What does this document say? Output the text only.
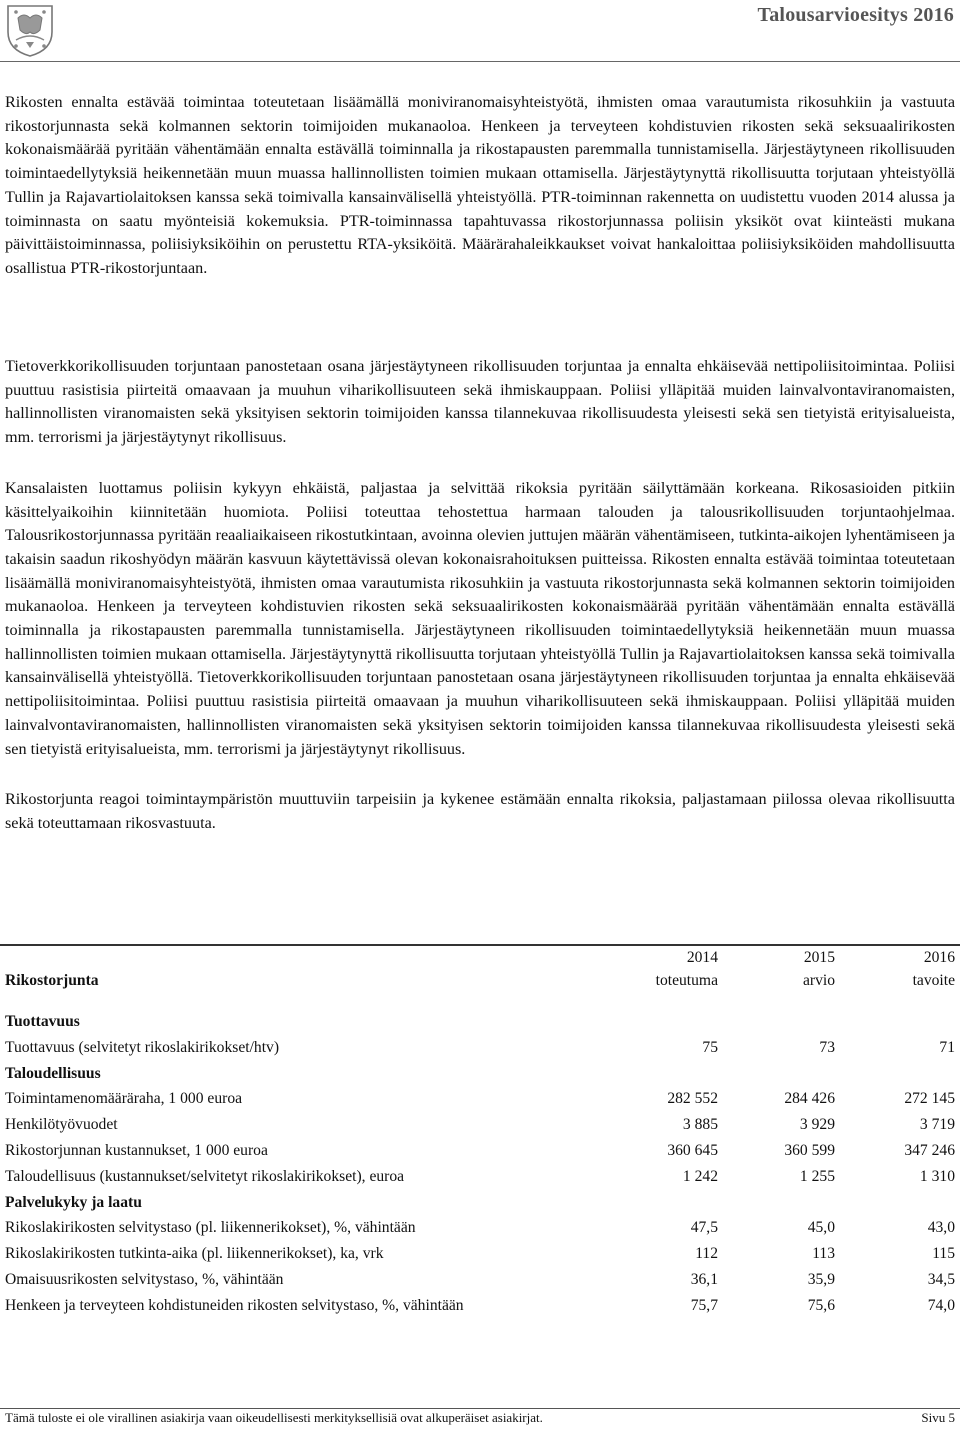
Talousarvioesitys 2016

Rikosten ennalta estävää toimintaa toteutetaan lisäämällä moniviranomaisyhteistyötä, ihmisten omaa varautumista rikosuhkiin ja vastuuta rikostorjunnasta sekä kolmannen sektorin toimijoiden mukanaoloa. Henkeen ja terveyteen kohdistuvien rikosten sekä seksuaalirikosten kokonaismäärää pyritään vähentämään ennalta estävällä toiminnalla ja rikostapausten paremmalla tunnistamisella. Järjestäytyneen rikollisuuden toimintaedellytyksiä heikennetään muun muassa hallinnollisten toimien mukaan ottamisella. Järjestäytynyttä rikollisuutta torjutaan yhteistyöllä Tullin ja Rajavartiolaitoksen kanssa sekä toimivalla kansainvälisellä yhteistyöllä. PTR-toiminnan rakennetta on uudistettu vuoden 2014 alussa ja toiminnasta on saatu myönteisiä kokemuksia. PTR-toiminnassa tapahtuvassa rikostorjunnassa poliisin yksiköt ovat kiinteästi mukana päivittäistoiminnassa, poliisiyksiköihin on perustettu RTA-yksiköitä. Määrärahaleikkaukset voivat hankaloittaa poliisiyksiköiden mahdollisuutta osallistua PTR-rikostorjuntaan.

Tietoverkkorikollisuuden torjuntaan panostetaan osana järjestäytyneen rikollisuuden torjuntaa ja ennalta ehkäisevää nettipoliisitoimintaa. Poliisi puuttuu rasistisia piirteitä omaavaan ja muuhun viharikollisuuteen sekä ihmiskauppaan. Poliisi ylläpitää muiden lainvalvontaviranomaisten, hallinnollisten viranomaisten sekä yksityisen sektorin toimijoiden kanssa tilannekuvaa rikollisuudesta yleisesti sekä sen tietyistä erityisalueista, mm. terrorismi ja järjestäytynyt rikollisuus.

Kansalaisten luottamus poliisin kykyyn ehkäistä, paljastaa ja selvittää rikoksia pyritään säilyttämään korkeana. Rikosasioiden pitkiin käsittelyaikoihin kiinnitetään huomiota. Poliisi toteuttaa tehostettua harmaan talouden ja talousrikollisuuden torjuntaohjelmaa. Talousrikostorjunnassa pyritään reaaliaikaiseen rikostutkintaan, avoinna olevien juttujen määrän vähentämiseen, tutkinta-aikojen lyhentämiseen ja takaisin saadun rikoshyödyn määrän kasvuun käytettävissä olevan kokonaisrahoituksen puitteissa. Rikosten ennalta estävää toimintaa toteutetaan lisäämällä moniviranomaisyhteistyötä, ihmisten omaa varautumista rikosuhkiin ja vastuuta rikostorjunnasta sekä kolmannen sektorin toimijoiden mukanaoloa. Henkeen ja terveyteen kohdistuvien rikosten sekä seksuaalirikosten kokonaismäärää pyritään vähentämään ennalta estävällä toiminnalla ja rikostapausten paremmalla tunnistamisella. Järjestäytyneen rikollisuuden toimintaedellytyksiä heikennetään muun muassa hallinnollisten toimien mukaan ottamisella. Järjestäytynyttä rikollisuutta torjutaan yhteistyöllä Tullin ja Rajavartiolaitoksen kanssa sekä toimivalla kansainvälisellä yhteistyöllä. Tietoverkkorikollisuuden torjuntaan panostetaan osana järjestäytyneen rikollisuuden torjuntaa ja ennalta ehkäisevää nettipoliisitoimintaa. Poliisi puuttuu rasistisia piirteitä omaavaan ja muuhun viharikollisuuteen sekä ihmiskauppaan. Poliisi ylläpitää muiden lainvalvontaviranomaisten, hallinnollisten viranomaisten sekä yksityisen sektorin toimijoiden kanssa tilannekuvaa rikollisuudesta yleisesti sekä sen tietyistä erityisalueista, mm. terrorismi ja järjestäytynyt rikollisuus.

Rikostorjunta reagoi toimintaympäristön muuttuviin tarpeisiin ja kykenee estämään ennalta rikoksia, paljastamaan piilossa olevaa rikollisuutta sekä toteuttamaan rikosvastuuta.

	2014	2015	2016
Rikostorjunta	toteutuma	arvio	tavoite

Tuottavuus			
Tuottavuus (selvitetyt rikoslakirikokset/htv)	75	73	71
Taloudellisuus			
Toimintamenomääräraha, 1 000 euroa	282 552	284 426	272 145
Henkilötyövuodet	3 885	3 929	3 719
Rikostorjunnan kustannukset, 1 000 euroa	360 645	360 599	347 246
Taloudellisuus (kustannukset/selvitetyt rikoslakirikokset), euroa	1 242	1 255	1 310
Palvelukyky ja laatu			
Rikoslakirikosten selvitystaso (pl. liikennerikokset), %, vähintään	47,5	45,0	43,0
Rikoslakirikosten tutkinta-aika (pl. liikennerikokset), ka, vrk	112	113	115
Omaisuusrikosten selvitystaso, %, vähintään	36,1	35,9	34,5
Henkeen ja terveyteen kohdistuneiden rikosten selvitystaso, %, vähintään	75,7	75,6	74,0
Tämä tuloste ei ole virallinen asiakirja vaan oikeudellisesti merkityksellisiä ovat alkuperäiset asiakirjat.	Sivu 5
